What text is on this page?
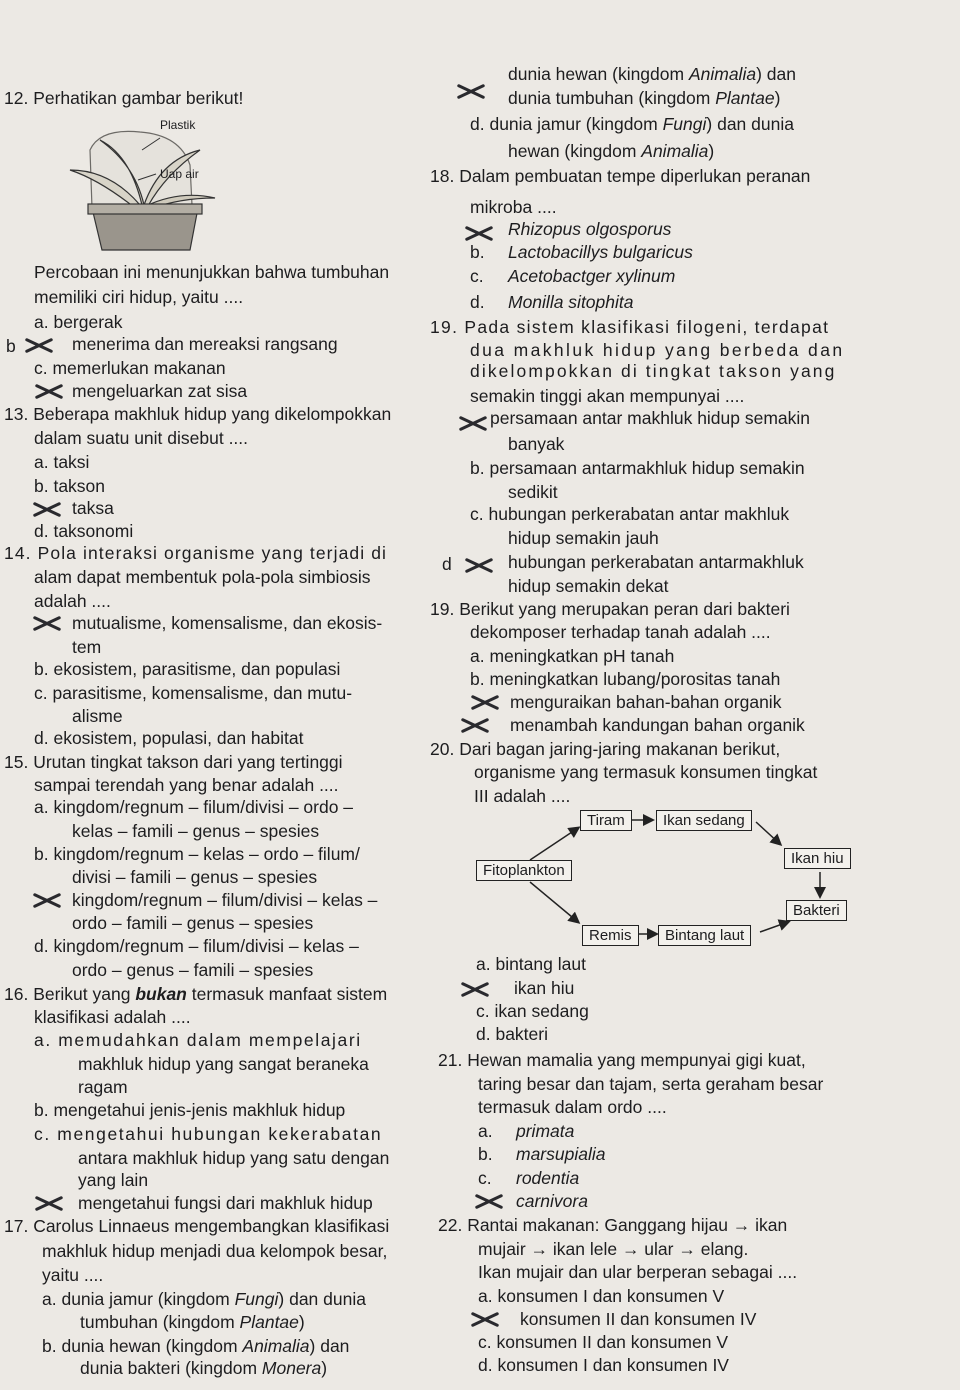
12. Perhatikan gambar berikut!
Plastik
Uap air
Percobaan ini menunjukkan bahwa tumbuhan
memiliki ciri hidup, yaitu ....
a. bergerak
b	menerima dan mereaksi rangsang
c. memerlukan makanan
mengeluarkan zat sisa
13. Beberapa makhluk hidup yang dikelompokkan
dalam suatu unit disebut ....
a. taksi
b. takson
taksa
d. taksonomi
14. Pola interaksi organisme yang terjadi di
alam dapat membentuk pola-pola simbiosis
adalah ....
mutualisme, komensalisme, dan ekosis-
tem
b. ekosistem, parasitisme, dan populasi
c. parasitisme, komensalisme, dan mutu-
alisme
d. ekosistem, populasi, dan habitat
15. Urutan tingkat takson dari yang tertinggi
sampai terendah yang benar adalah ....
a. kingdom/regnum – filum/divisi – ordo –
kelas – famili – genus – spesies
b. kingdom/regnum – kelas – ordo – filum/
divisi – famili – genus – spesies
kingdom/regnum – filum/divisi – kelas –
ordo – famili – genus – spesies
d. kingdom/regnum – filum/divisi – kelas –
ordo – genus – famili – spesies
16. Berikut yang bukan termasuk manfaat sistem
klasifikasi adalah ....
a. memudahkan dalam mempelajari
makhluk hidup yang sangat beraneka
ragam
b. mengetahui jenis-jenis makhluk hidup
c. mengetahui hubungan kekerabatan
antara makhluk hidup yang satu dengan
yang lain
mengetahui fungsi dari makhluk hidup
17. Carolus Linnaeus mengembangkan klasifikasi
makhluk hidup menjadi dua kelompok besar,
yaitu ....
a. dunia jamur (kingdom Fungi) dan dunia
tumbuhan (kingdom Plantae)
b. dunia hewan (kingdom Animalia) dan
dunia bakteri (kingdom Monera)
dunia hewan (kingdom Animalia) dan
dunia tumbuhan (kingdom Plantae)
d. dunia jamur (kingdom Fungi) dan dunia
hewan (kingdom Animalia)
18. Dalam pembuatan tempe diperlukan peranan
mikroba ....
Rhizopus olgosporus
b. Lactobacillys bulgaricus
c. Acetobactger xylinum
d. Monilla sitophita
19. Pada sistem klasifikasi filogeni, terdapat
dua makhluk hidup yang berbeda dan
dikelompokkan di tingkat takson yang
semakin tinggi akan mempunyai ....
persamaan antar makhluk hidup semakin
banyak
b. persamaan antarmakhluk hidup semakin
sedikit
c. hubungan perkerabatan antar makhluk
hidup semakin jauh
d	hubungan perkerabatan antarmakhluk
hidup semakin dekat
19. Berikut yang merupakan peran dari bakteri
dekomposer terhadap tanah adalah ....
a. meningkatkan pH tanah
b. meningkatkan lubang/porositas tanah
menguraikan bahan-bahan organik
menambah kandungan bahan organik
20. Dari bagan jaring-jaring makanan berikut,
organisme yang termasuk konsumen tingkat
III adalah ....
Tiram	Ikan sedang
Fitoplankton
Ikan hiu
Bakteri
Remis	Bintang laut
a. bintang laut
ikan hiu
c. ikan sedang
d. bakteri
21. Hewan mamalia yang mempunyai gigi kuat,
taring besar dan tajam, serta geraham besar
termasuk dalam ordo ....
a. primata
b. marsupialia
c. rodentia
carnivora
22. Rantai makanan: Ganggang hijau → ikan
mujair → ikan lele → ular → elang.
Ikan mujair dan ular berperan sebagai ....
a. konsumen I dan konsumen V
konsumen II dan konsumen IV
c. konsumen II dan konsumen V
d. konsumen I dan konsumen IV
